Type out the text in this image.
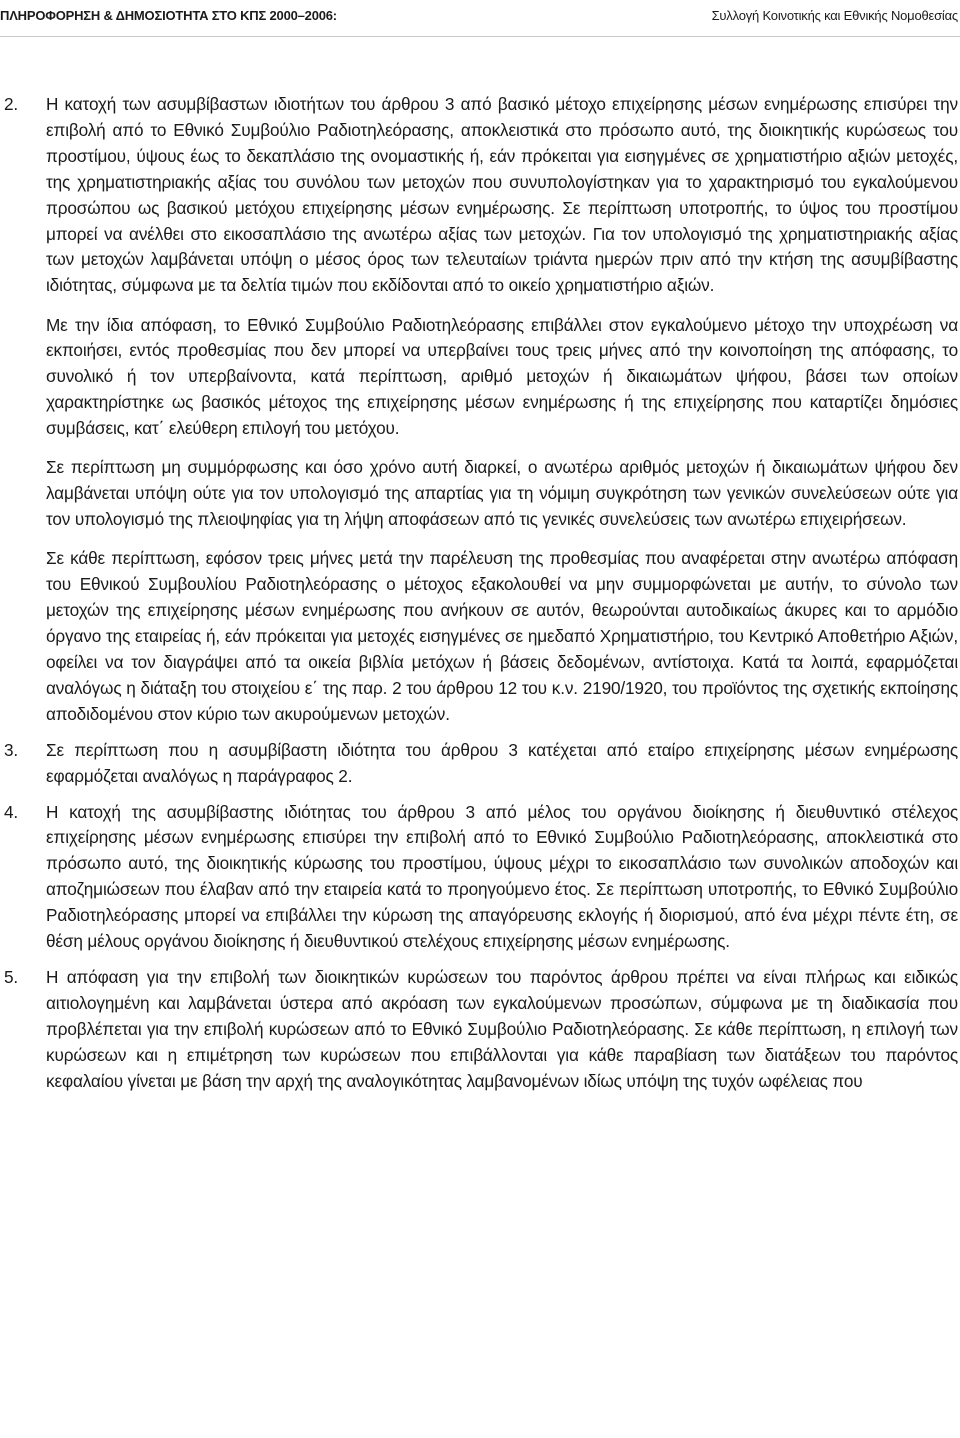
ΠΛΗΡΟΦΟΡΗΣΗ & ΔΗΜΟΣΙΟΤΗΤΑ ΣΤΟ ΚΠΣ 2000–2006:	Συλλογή Κοινοτικής και Εθνικής Νομοθεσίας
2. Η κατοχή των ασυμβίβαστων ιδιοτήτων του άρθρου 3 από βασικό μέτοχο επιχείρησης μέσων ενημέρωσης επισύρει την επιβολή από το Εθνικό Συμβούλιο Ραδιοτηλεόρασης, αποκλειστικά στο πρόσωπο αυτό, της διοικητικής κυρώσεως του προστίμου, ύψους έως το δεκαπλάσιο της ονομαστικής ή, εάν πρόκειται για εισηγμένες σε χρηματιστήριο αξιών μετοχές, της χρηματιστηριακής αξίας του συνόλου των μετοχών που συνυπολογίστηκαν για το χαρακτηρισμό του εγκαλούμενου προσώπου ως βασικού μετόχου επιχείρησης μέσων ενημέρωσης. Σε περίπτωση υποτροπής, το ύψος του προστίμου μπορεί να ανέλθει στο εικοσαπλάσιο της ανωτέρω αξίας των μετοχών. Για τον υπολογισμό της χρηματιστηριακής αξίας των μετοχών λαμβάνεται υπόψη ο μέσος όρος των τελευταίων τριάντα ημερών πριν από την κτήση της ασυμβίβαστης ιδιότητας, σύμφωνα με τα δελτία τιμών που εκδίδονται από το οικείο χρηματιστήριο αξιών.

Με την ίδια απόφαση, το Εθνικό Συμβούλιο Ραδιοτηλεόρασης επιβάλλει στον εγκαλούμενο μέτοχο την υποχρέωση να εκποιήσει, εντός προθεσμίας που δεν μπορεί να υπερβαίνει τους τρεις μήνες από την κοινοποίηση της απόφασης, το συνολικό ή τον υπερβαίνοντα, κατά περίπτωση, αριθμό μετοχών ή δικαιωμάτων ψήφου, βάσει των οποίων χαρακτηρίστηκε ως βασικός μέτοχος της επιχείρησης μέσων ενημέρωσης ή της επιχείρησης που καταρτίζει δημόσιες συμβάσεις, κατ΄ ελεύθερη επιλογή του μετόχου.

Σε περίπτωση μη συμμόρφωσης και όσο χρόνο αυτή διαρκεί, ο ανωτέρω αριθμός μετοχών ή δικαιωμάτων ψήφου δεν λαμβάνεται υπόψη ούτε για τον υπολογισμό της απαρτίας για τη νόμιμη συγκρότηση των γενικών συνελεύσεων ούτε για τον υπολογισμό της πλειοψηφίας για τη λήψη αποφάσεων από τις γενικές συνελεύσεις των ανωτέρω επιχειρήσεων.

Σε κάθε περίπτωση, εφόσον τρεις μήνες μετά την παρέλευση της προθεσμίας που αναφέρεται στην ανωτέρω απόφαση του Εθνικού Συμβουλίου Ραδιοτηλεόρασης ο μέτοχος εξακολουθεί να μην συμμορφώνεται με αυτήν, το σύνολο των μετοχών της επιχείρησης μέσων ενημέρωσης που ανήκουν σε αυτόν, θεωρούνται αυτοδικαίως άκυρες και το αρμόδιο όργανο της εταιρείας ή, εάν πρόκειται για μετοχές εισηγμένες σε ημεδαπό Χρηματιστήριο, του Κεντρικό Αποθετήριο Αξιών, οφείλει να τον διαγράψει από τα οικεία βιβλία μετόχων ή βάσεις δεδομένων, αντίστοιχα. Κατά τα λοιπά, εφαρμόζεται αναλόγως η διάταξη του στοιχείου ε΄ της παρ. 2 του άρθρου 12 του κ.ν. 2190/1920, του προϊόντος της σχετικής εκποίησης αποδιδομένου στον κύριο των ακυρούμενων μετοχών.

3. Σε περίπτωση που η ασυμβίβαστη ιδιότητα του άρθρου 3 κατέχεται από εταίρο επιχείρησης μέσων ενημέρωσης εφαρμόζεται αναλόγως η παράγραφος 2.

4. Η κατοχή της ασυμβίβαστης ιδιότητας του άρθρου 3 από μέλος του οργάνου διοίκησης ή διευθυντικό στέλεχος επιχείρησης μέσων ενημέρωσης επισύρει την επιβολή από το Εθνικό Συμβούλιο Ραδιοτηλεόρασης, αποκλειστικά στο πρόσωπο αυτό, της διοικητικής κύρωσης του προστίμου, ύψους μέχρι το εικοσαπλάσιο των συνολικών αποδοχών και αποζημιώσεων που έλαβαν από την εταιρεία κατά το προηγούμενο έτος. Σε περίπτωση υποτροπής, το Εθνικό Συμβούλιο Ραδιοτηλεόρασης μπορεί να επιβάλλει την κύρωση της απαγόρευσης εκλογής ή διορισμού, από ένα μέχρι πέντε έτη, σε θέση μέλους οργάνου διοίκησης ή διευθυντικού στελέχους επιχείρησης μέσων ενημέρωσης.

5. Η απόφαση για την επιβολή των διοικητικών κυρώσεων του παρόντος άρθρου πρέπει να είναι πλήρως και ειδικώς αιτιολογημένη και λαμβάνεται ύστερα από ακρόαση των εγκαλούμενων προσώπων, σύμφωνα με τη διαδικασία που προβλέπεται για την επιβολή κυρώσεων από το Εθνικό Συμβούλιο Ραδιοτηλεόρασης. Σε κάθε περίπτωση, η επιλογή των κυρώσεων και η επιμέτρηση των κυρώσεων που επιβάλλονται για κάθε παραβίαση των διατάξεων του παρόντος κεφαλαίου γίνεται με βάση την αρχή της αναλογικότητας λαμβανομένων ιδίως υπόψη της τυχόν ωφέλειας που
